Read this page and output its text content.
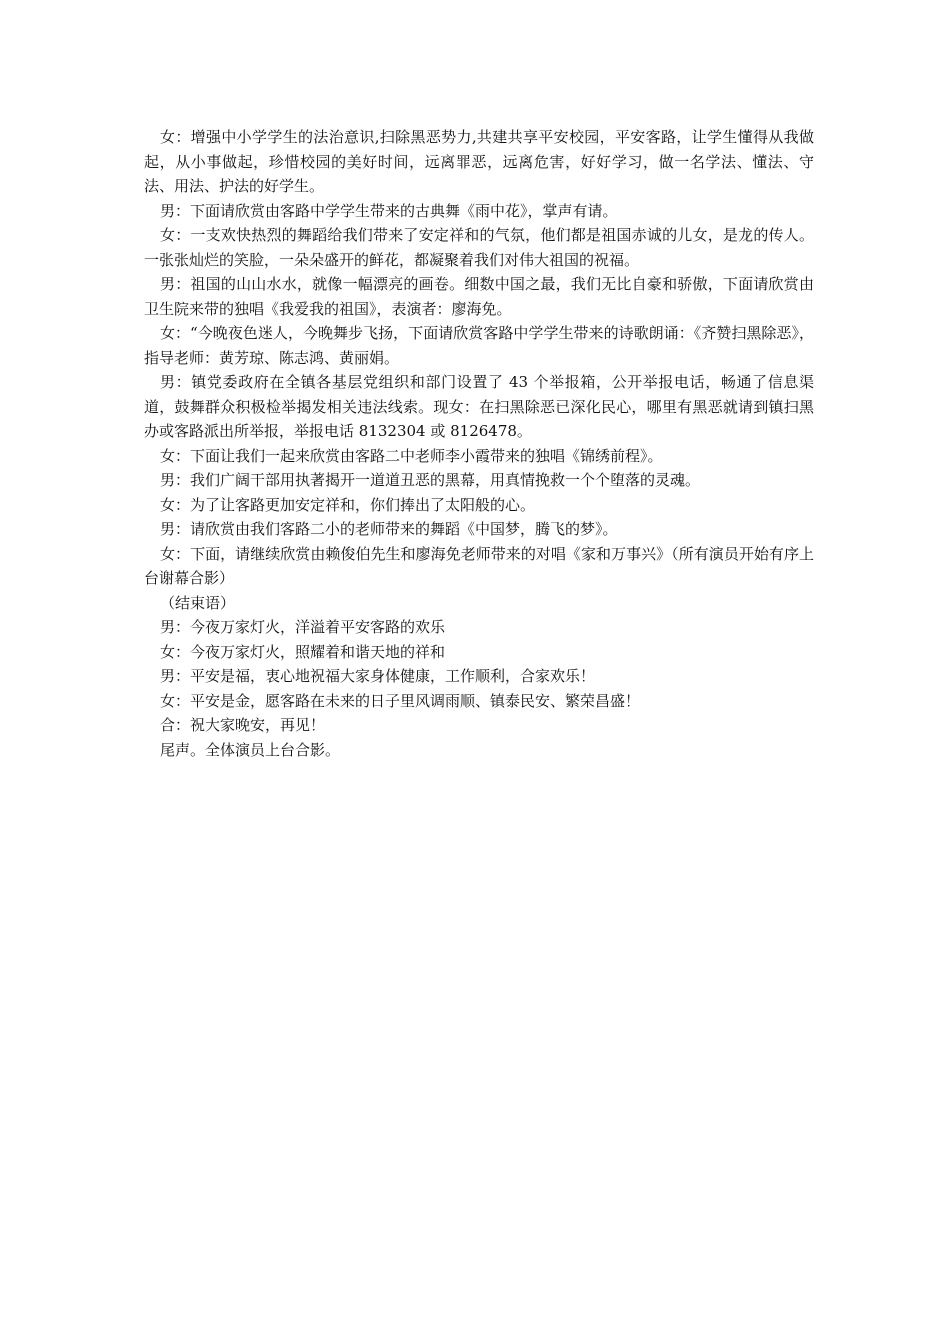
女：增强中小学学生的法治意识,扫除黑恶势力,共建共享平安校园，平安客路，让学生懂得从我做起，从小事做起，珍惜校园的美好时间，远离罪恶，远离危害，好好学习，做一名学法、懂法、守法、用法、护法的好学生。

男：下面请欣赏由客路中学学生带来的古典舞《雨中花》，掌声有请。

女：一支欢快热烈的舞蹈给我们带来了安定祥和的气氛，他们都是祖国赤诚的儿女，是龙的传人。一张张灿烂的笑脸，一朵朵盛开的鲜花，都凝聚着我们对伟大祖国的祝福。

男：祖国的山山水水，就像一幅漂亮的画卷。细数中国之最，我们无比自豪和骄傲，下面请欣赏由卫生院来带的独唱《我爱我的祖国》，表演者：廖海免。

女：“今晚夜色迷人，今晚舞步飞扬，下面请欣赏客路中学学生带来的诗歌朗诵：《齐赞扫黑除恶》，指导老师：黄芳琼、陈志鸿、黄丽娟。

男：镇党委政府在全镇各基层党组织和部门设置了 43 个举报箱，公开举报电话，畅通了信息渠道，鼓舞群众积极检举揭发相关违法线索。现女：在扫黑除恶已深化民心，哪里有黑恶就请到镇扫黑办或客路派出所举报，举报电话 8132304 或 8126478。

女：下面让我们一起来欣赏由客路二中老师李小霞带来的独唱《锦绣前程》。

男：我们广阔干部用执著揭开一道道丑恶的黑幕，用真情挽救一个个堕落的灵魂。

女：为了让客路更加安定祥和，你们捧出了太阳般的心。

男：请欣赏由我们客路二小的老师带来的舞蹈《中国梦，腾飞的梦》。

女：下面，请继续欣赏由赖俊伯先生和廖海免老师带来的对唱《家和万事兴》（所有演员开始有序上台谢幕合影）

（结束语）

男：今夜万家灯火，洋溢着平安客路的欢乐

女：今夜万家灯火，照耀着和谐天地的祥和

男：平安是福，衷心地祝福大家身体健康，工作顺利，合家欢乐！

女：平安是金，愿客路在未来的日子里风调雨顺、镇泰民安、繁荣昌盛！

合：祝大家晚安，再见！

尾声。全体演员上台合影。
